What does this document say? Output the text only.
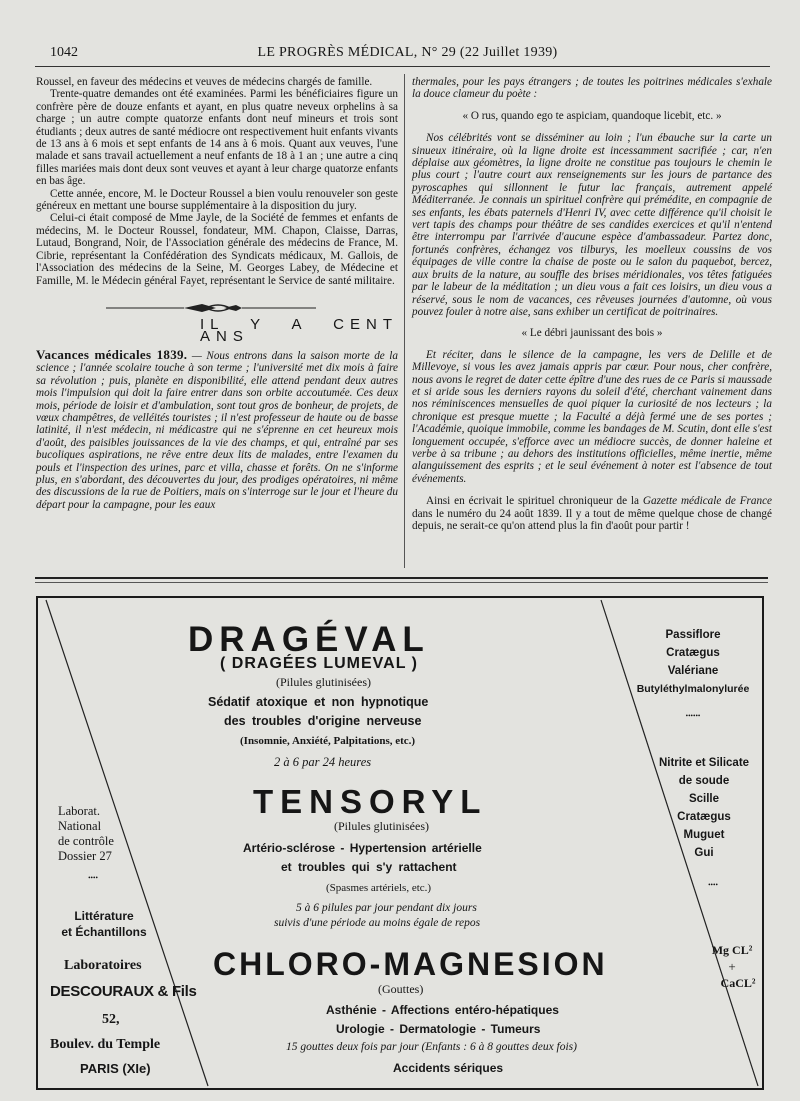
1042	LE PROGRÈS MÉDICAL, N° 29 (22 Juillet 1939)

Roussel, en faveur des médecins et veuves de médecins chargés de famille.

Trente-quatre demandes ont été examinées. Parmi les bénéficiaires figure un confrère père de douze enfants et ayant, en plus quatre neveux orphelins à sa charge ; un autre compte quatorze enfants dont neuf mineurs et trois sont étudiants ; deux autres de santé médiocre ont respectivement huit enfants vivants de 13 ans à 6 mois et sept enfants de 14 ans à 6 mois. Quant aux veuves, l'une malade et sans travail actuellement a neuf enfants de 18 à 1 an ; une autre a cinq filles mariées mais dont deux sont veuves et ayant à leur charge quatorze enfants en bas âge.

Cette année, encore, M. le Docteur Roussel a bien voulu renouveler son geste généreux en mettant une bourse supplémentaire à la disposition du jury.

Celui-ci était composé de Mme Jayle, de la Société de femmes et enfants de médecins, M. le Docteur Roussel, fondateur, MM. Chapon, Claisse, Darras, Lutaud, Bongrand, Noir, de l'Association générale des médecins de France, M. Cibrie, représentant la Confédération des Syndicats médicaux, M. Gallois, de l'Association des médecins de la Seine, M. Georges Labey, de Médecine et Famille, M. le Médecin général Fayet, représentant le Service de santé militaire.

IL Y A CENT ANS

Vacances médicales 1839. — Nous entrons dans la saison morte de la science ; l'année scolaire touche à son terme ; l'université met dix mois à faire sa révolution ; puis, planète en disponibilité, elle attend pendant deux autres mois l'impulsion qui doit la faire entrer dans son orbite accoutumée. Ces deux mois, période de loisir et d'ambulation, sont tout gros de bonheur, de projets, de vœux champêtres, de velléités touristes ; il n'est professeur de haute ou de basse latinité, il n'est médecin, ni médicastre qui ne s'éprenne en cet heureux mois d'août, des paisibles jouissances de la vie des champs, et qui, entraîné par ses bucoliques aspirations, ne rêve entre deux lits de malades, entre l'examen du pouls et l'inspection des urines, parc et villa, chasse et forêts. On ne s'informe plus, en s'abordant, des découvertes du jour, des prodiges opératoires, ni même des discussions de la rue de Poitiers, mais on s'interroge sur le jour et l'heure du départ pour la campagne, pour les eaux

thermales, pour les pays étrangers ; de toutes les poitrines médicales s'exhale la douce clameur du poète :

« O rus, quando ego te aspiciam, quandoque licebit, etc. »

Nos célébrités vont se disséminer au loin ; l'un ébauche sur la carte un sinueux itinéraire, où la ligne droite est incessamment sacrifiée ; car, n'en déplaise aux géomètres, la ligne droite ne constitue pas toujours le chemin le plus court ; l'autre court aux renseignements sur les jours de partance des pyroscaphes qui sillonnent le futur lac français, autrement appelé Méditerranée. Je connais un spirituel confrère qui prémédite, en compagnie de ses enfants, les ébats paternels d'Henri IV, avec cette différence qu'il choisit le vert tapis des champs pour théâtre de ses candides exercices et qu'il n'entend être interrompu par l'arrivée d'aucune espèce d'ambassadeur. Partez donc, fortunés confrères, échangez vos tilburys, les moelleux coussins de vos équipages de ville contre la chaise de poste ou le salon du paquebot, bercez, aux bruits de la nature, au souffle des brises méridionales, vos têtes fatiguées par le labeur de la méditation ; un dieu vous a fait ces loisirs, un dieu vous a réservé, sous le nom de vacances, ces rêveuses journées d'automne, où vous pouvez fouler à notre aise, sans exhiber un certificat de poitrinaires.

« Le débri jaunissant des bois »

Et réciter, dans le silence de la campagne, les vers de Delille et de Millevoye, si vous les avez jamais appris par cœur. Pour nous, cher confrère, nous avons le regret de dater cette épître d'une des rues de ce Paris si maussade et si aride sous les derniers rayons du soleil d'été, cherchant vainement dans nos réminiscences mensuelles de quoi piquer la curiosité de nos lecteurs ; la chronique est presque muette ; la Faculté a déjà fermé une de ses portes ; l'Académie, quoique immobile, comme les bandages de M. Scutin, dont elle s'est longuement occupée, s'efforce avec un médiocre succès, de donner haleine et verbe à sa tribune ; au dehors des institutions officielles, même inertie, même alanguissement des esprits ; et le seul événement à noter est l'absence de tout événements.

Ainsi en écrivait le spirituel chroniqueur de la Gazette médicale de France dans le numéro du 24 août 1839. Il y a tout de même quelque chose de changé depuis, ne serait-ce qu'on attend plus la fin d'août pour partir !

DRAGÉVAL
( DRAGÉES LUMEVAL )
(Pilules glutinisées)
Sédatif atoxique et non hypnotique
des troubles d'origine nerveuse
(Insomnie, Anxiété, Palpitations, etc.)
2 à 6 par 24 heures
TENSORYL
(Pilules glutinisées)
Artério-sclérose - Hypertension artérielle
et troubles qui s'y rattachent
(Spasmes artériels, etc.)
5 à 6 pilules par jour pendant dix jours
suivis d'une période au moins égale de repos
CHLORO-MAGNESION
(Gouttes)
Asthénie - Affections entéro-hépatiques
Urologie - Dermatologie - Tumeurs
15 gouttes deux fois par jour (Enfants : 6 à 8 gouttes deux fois)
Accidents sériques
Passiflore
Cratægus
Valériane
Butyléthylmalonylurée
••••••
Nitrite et Silicate
de soude
Scille
Cratægus
Muguet
Gui
••••
Mg CL²
+
CaCL²
Laborat.
National
de contrôle
Dossier 27
••••
Littérature
et Échantillons
Laboratoires
DESCOURAUX & Fils
52,
Boulev. du Temple
PARIS (XIe)
